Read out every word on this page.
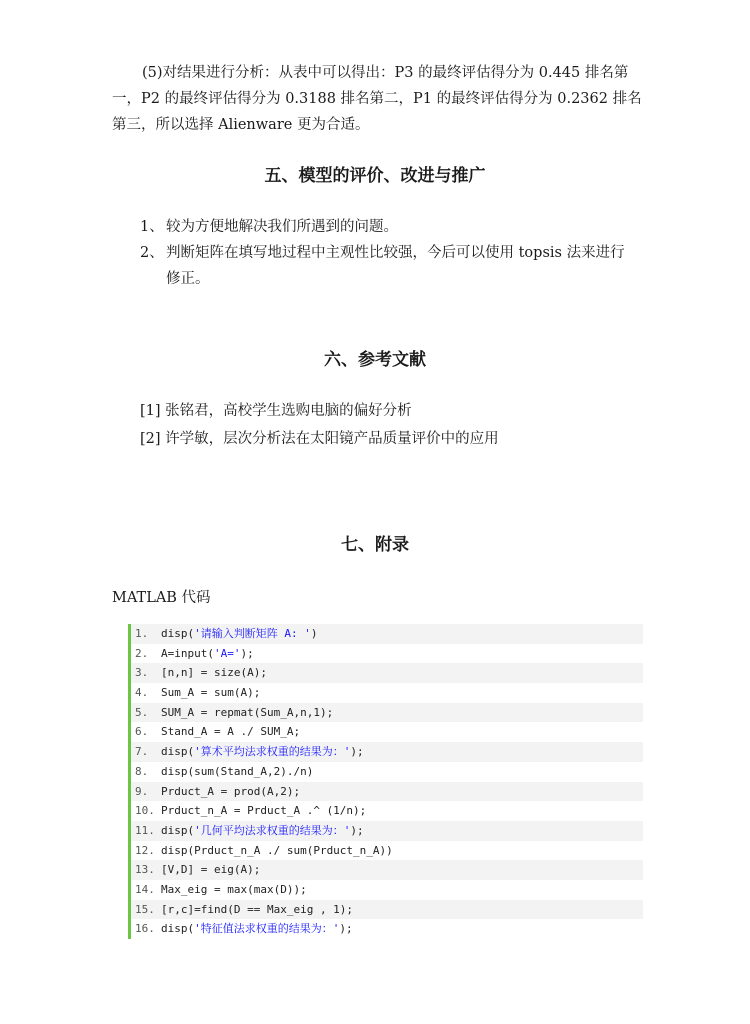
(5)对结果进行分析：从表中可以得出：P3 的最终评估得分为 0.445 排名第
一，P2 的最终评估得分为 0.3188 排名第二，P1 的最终评估得分为 0.2362 排名
第三，所以选择 Alienware 更为合适。
五、模型的评价、改进与推广
1、 较为方便地解决我们所遇到的问题。
2、 判断矩阵在填写地过程中主观性比较强，今后可以使用 topsis 法来进行
修正。
六、参考文献
[1] 张铭君，高校学生选购电脑的偏好分析
[2] 许学敏，层次分析法在太阳镜产品质量评价中的应用
七、附录
MATLAB 代码
1.	disp('请输入判断矩阵 A: ')
2.	A=input('A=');
3.	[n,n] = size(A);
4.	Sum_A = sum(A);
5.	SUM_A = repmat(Sum_A,n,1);
6.	Stand_A = A ./ SUM_A;
7.	disp('算术平均法求权重的结果为：');
8.	disp(sum(Stand_A,2)./n)
9.	Prduct_A = prod(A,2);
10. Prduct_n_A = Prduct_A .^ (1/n);
11. disp('几何平均法求权重的结果为：');
12. disp(Prduct_n_A ./ sum(Prduct_n_A))
13. [V,D] = eig(A);
14. Max_eig = max(max(D));
15. [r,c]=find(D == Max_eig , 1);
16. disp('特征值法求权重的结果为：');
